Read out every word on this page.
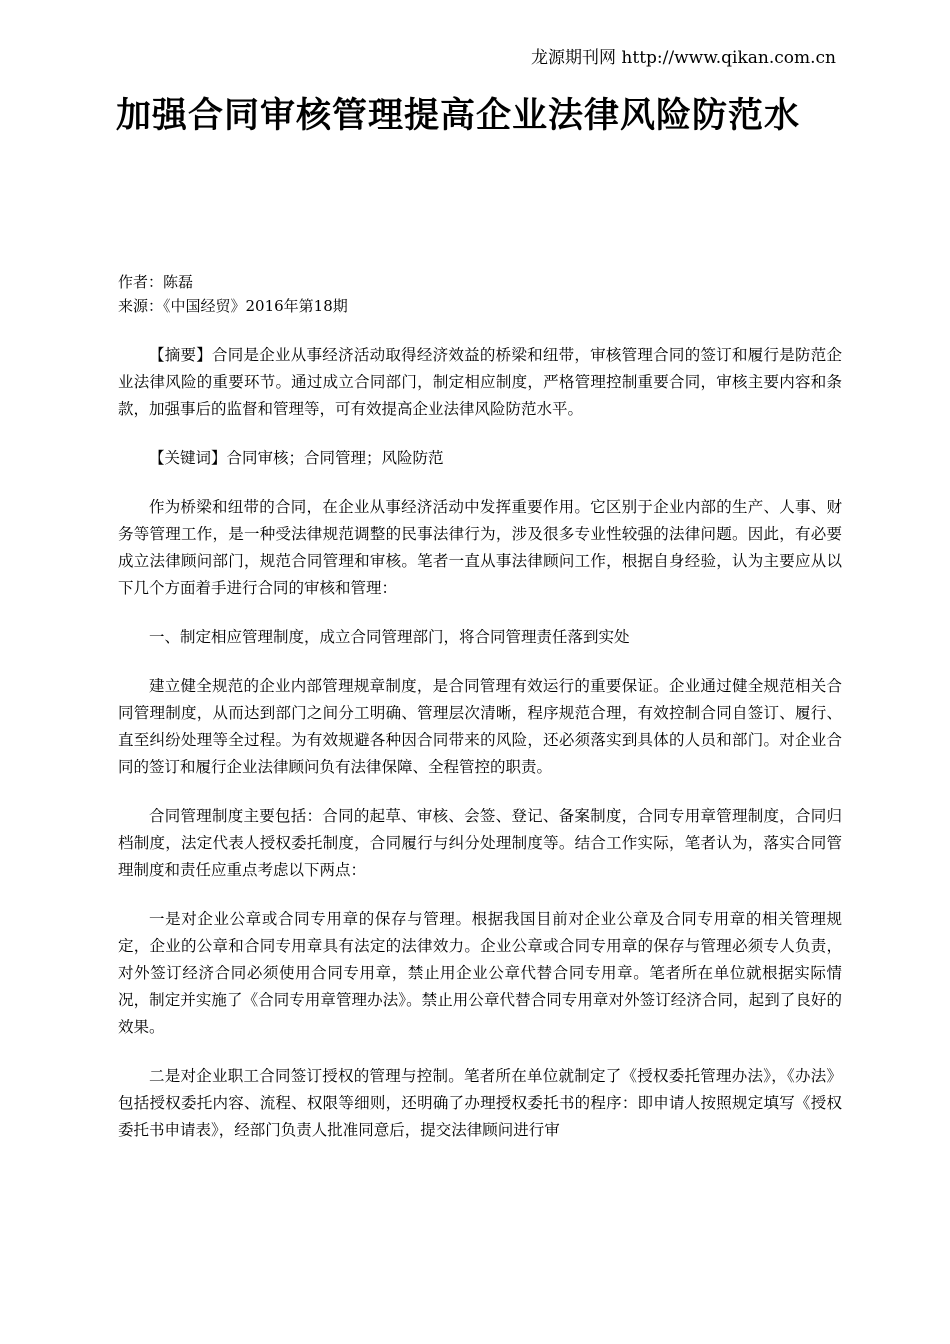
龙源期刊网 http://www.qikan.com.cn
加强合同审核管理提高企业法律风险防范水
作者：陈磊
来源：《中国经贸》2016年第18期

【摘要】合同是企业从事经济活动取得经济效益的桥梁和纽带，审核管理合同的签订和履行是防范企业法律风险的重要环节。通过成立合同部门，制定相应制度，严格管理控制重要合同，审核主要内容和条款，加强事后的监督和管理等，可有效提高企业法律风险防范水平。

【关键词】合同审核；合同管理；风险防范

作为桥梁和纽带的合同，在企业从事经济活动中发挥重要作用。它区别于企业内部的生产、人事、财务等管理工作，是一种受法律规范调整的民事法律行为，涉及很多专业性较强的法律问题。因此，有必要成立法律顾问部门，规范合同管理和审核。笔者一直从事法律顾问工作，根据自身经验，认为主要应从以下几个方面着手进行合同的审核和管理：

一、制定相应管理制度，成立合同管理部门，将合同管理责任落到实处

建立健全规范的企业内部管理规章制度，是合同管理有效运行的重要保证。企业通过健全规范相关合同管理制度，从而达到部门之间分工明确、管理层次清晰，程序规范合理，有效控制合同自签订、履行、直至纠纷处理等全过程。为有效规避各种因合同带来的风险，还必须落实到具体的人员和部门。对企业合同的签订和履行企业法律顾问负有法律保障、全程管控的职责。

合同管理制度主要包括：合同的起草、审核、会签、登记、备案制度，合同专用章管理制度，合同归档制度，法定代表人授权委托制度，合同履行与纠分处理制度等。结合工作实际，笔者认为，落实合同管理制度和责任应重点考虑以下两点：

一是对企业公章或合同专用章的保存与管理。根据我国目前对企业公章及合同专用章的相关管理规定，企业的公章和合同专用章具有法定的法律效力。企业公章或合同专用章的保存与管理必须专人负责，对外签订经济合同必须使用合同专用章，禁止用企业公章代替合同专用章。笔者所在单位就根据实际情况，制定并实施了《合同专用章管理办法》。禁止用公章代替合同专用章对外签订经济合同，起到了良好的效果。

二是对企业职工合同签订授权的管理与控制。笔者所在单位就制定了《授权委托管理办法》，《办法》包括授权委托内容、流程、权限等细则，还明确了办理授权委托书的程序：即申请人按照规定填写《授权委托书申请表》，经部门负责人批准同意后，提交法律顾问进行审
